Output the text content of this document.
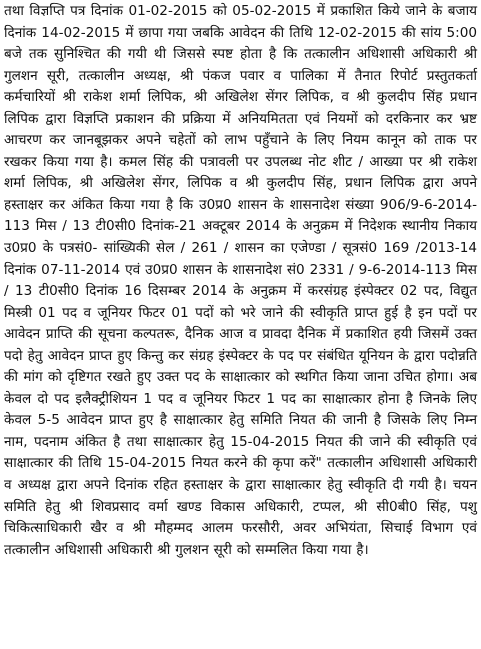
तथा विज्ञप्ति पत्र दिनांक 01-02-2015 को 05-02-2015 में प्रकाशित किये जाने के बजाय दिनांक 14-02-2015 में छापा गया जबकि आवेदन की तिथि 12-02-2015 की सांय 5:00 बजे तक सुनिश्चित की गयी थी जिससे स्पष्ट होता है कि तत्कालीन अधिशासी अधिकारी श्री गुलशन सूरी, तत्कालीन अध्यक्ष, श्री पंकज पवार व पालिका में तैनात रिपोर्ट प्रस्तुतकर्ता कर्मचारियों श्री राकेश शर्मा लिपिक, श्री अखिलेश सेंगर लिपिक, व श्री कुलदीप सिंह प्रधान लिपिक द्वारा विज्ञप्ति प्रकाशन की प्रक्रिया में अनियमितता एवं नियमों को दरकिनार कर भ्रष्ट आचरण कर जानबूझकर अपने चहेतों को लाभ पहुँचाने के लिए नियम कानून को ताक पर रखकर किया गया है। कमल सिंह की पत्रावली पर उपलब्ध नोट शीट / आख्या पर श्री राकेश शर्मा लिपिक, श्री अखिलेश सेंगर, लिपिक व श्री कुलदीप सिंह, प्रधान लिपिक द्वारा अपने हस्ताक्षर कर अंकित किया गया है कि उ0प्र0 शासन के शासनादेश संख्या 906/9-6-2014-113 मिस / 13 टी0सी0 दिनांक-21 अक्टूबर 2014 के अनुक्रम में निदेशक स्थानीय निकाय उ0प्र0 के पत्रसं0- सांख्यिकी सेल / 261 / शासन का एजेण्डा / सूत्रसं0 169 /2013-14 दिनांक 07-11-2014 एवं उ0प्र0 शासन के शासनादेश सं0 2331 / 9-6-2014-113 मिस / 13 टी0सी0 दिनांक 16 दिसम्बर 2014 के अनुक्रम में करसंग्रह इंस्पेक्टर 02 पद, विद्युत मिस्त्री 01 पद व जूनियर फिटर 01 पदों को भरे जाने की स्वीकृति प्राप्त हुई है इन पदों पर आवेदन प्राप्ति की सूचना कल्पतरू, दैनिक आज व प्रावदा दैनिक में प्रकाशित हयी जिसमें उक्त पदो हेतु आवेदन प्राप्त हुए किन्तु कर संग्रह इंस्पेक्टर के पद पर संबंधित यूनियन के द्वारा पदोन्नति की मांग को दृष्टिगत रखते हुए उक्त पद के साक्षात्कार को स्थगित किया जाना उचित होगा। अब केवल दो पद इलैक्ट्रीशियन 1 पद व जूनियर फिटर 1 पद का साक्षात्कार होना है जिनके लिए केवल 5-5 आवेदन प्राप्त हुए है साक्षात्कार हेतु समिति नियत की जानी है जिसके लिए निम्न नाम, पदनाम अंकित है तथा साक्षात्कार हेतु 15-04-2015 नियत की जाने की स्वीकृति एवं साक्षात्कार की तिथि 15-04-2015 नियत करने की कृपा करें" तत्कालीन अधिशासी अधिकारी व अध्यक्ष द्वारा अपने दिनांक रहित हस्ताक्षर के द्वारा साक्षात्कार हेतु स्वीकृति दी गयी है। चयन समिति हेतु श्री शिवप्रसाद वर्मा खण्ड विकास अधिकारी, टप्पल, श्री सी0बी0 सिंह, पशु चिकित्साधिकारी खैर व श्री मौहम्मद आलम फरसौरी, अवर अभियंता, सिचाई विभाग एवं तत्कालीन अधिशासी अधिकारी श्री गुलशन सूरी को सम्मलित किया गया है।
